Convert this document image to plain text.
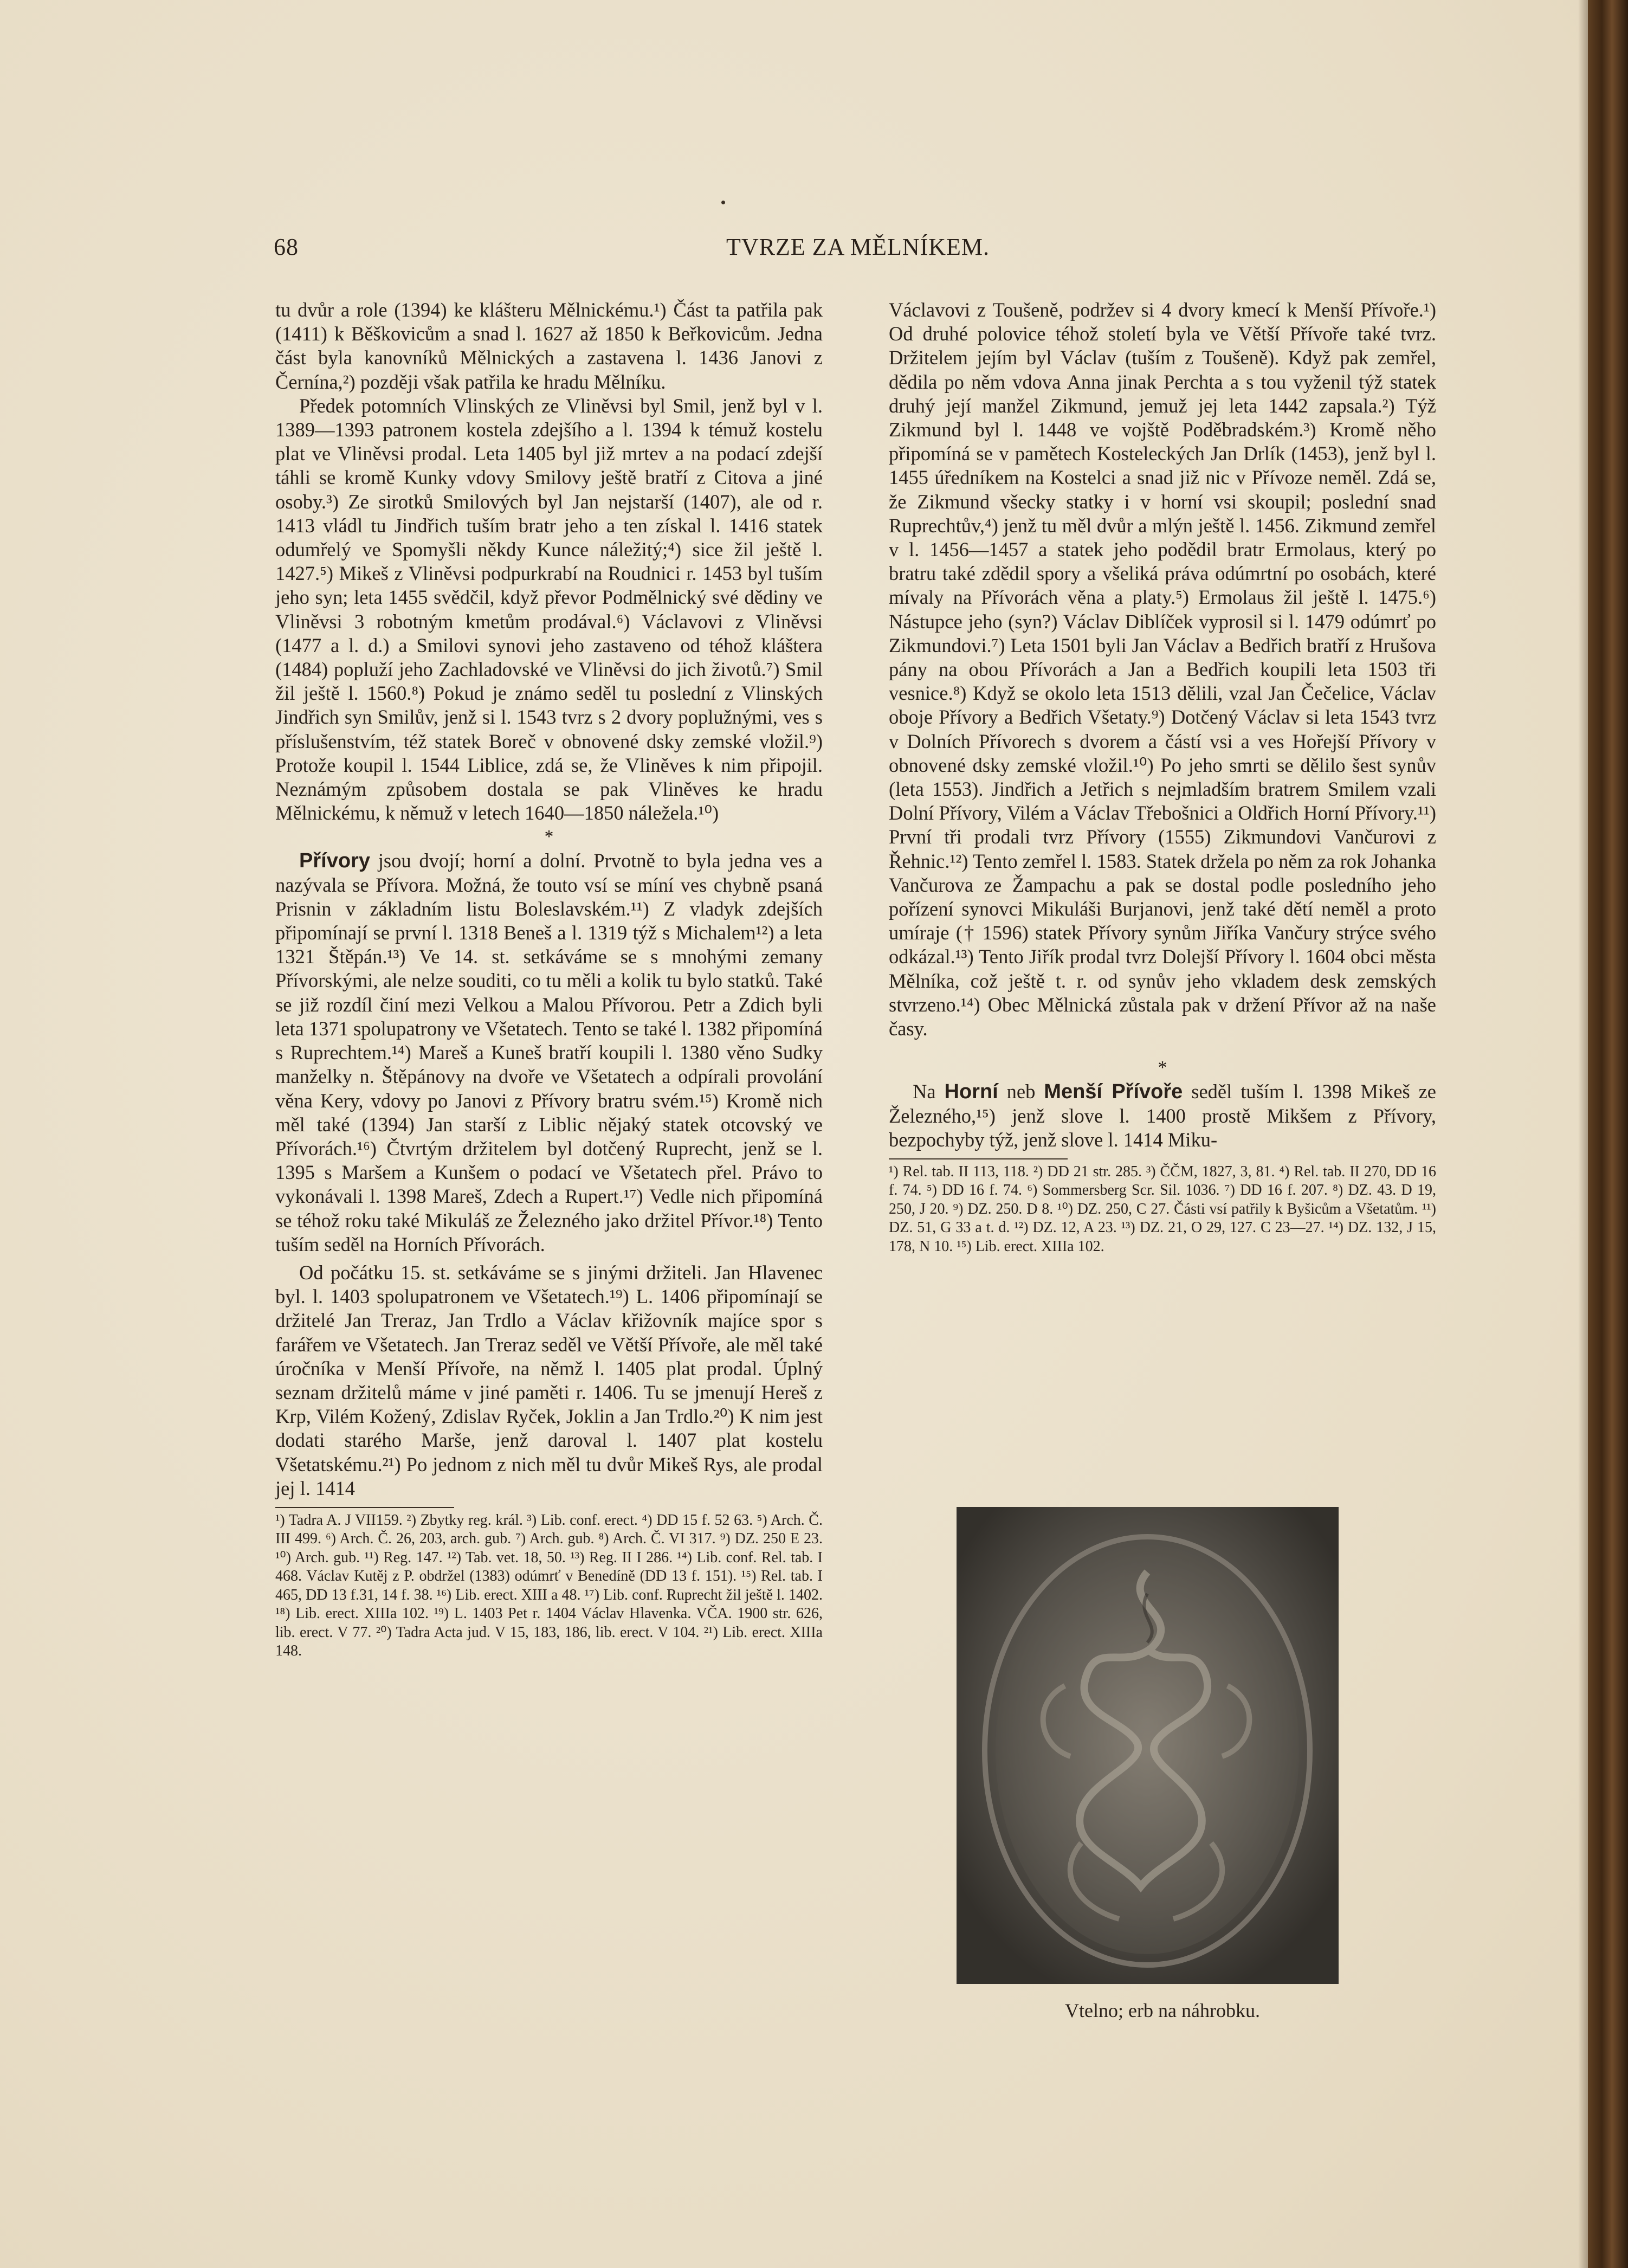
68	TVRZE ZA MĚLNÍKEM.

tu dvůr a role (1394) ke klášteru Mělnickému.¹) Část ta patřila pak (1411) k Běškovicům a snad l. 1627 až 1850 k Beřkovicům. Jedna část byla kanovníků Mělnických a zastavena l. 1436 Janovi z Černína,²) později však patřila ke hradu Mělníku.

Předek potomních Vlinských ze Vliněvsi byl Smil, jenž byl v l. 1389—1393 patronem kostela zdejšího a l. 1394 k témuž kostelu plat ve Vliněvsi prodal. Leta 1405 byl již mrtev a na podací zdejší táhli se kromě Kunky vdovy Smilovy ještě bratří z Citova a jiné osoby.³) Ze sirotků Smilových byl Jan nejstarší (1407), ale od r. 1413 vládl tu Jindřich tuším bratr jeho a ten získal l. 1416 statek odumřelý ve Spomyšli někdy Kunce náležitý;⁴) sice žil ještě l. 1427.⁵) Mikeš z Vliněvsi podpurkrabí na Roudnici r. 1453 byl tuším jeho syn; leta 1455 svědčil, když převor Podmělnický své dědiny ve Vliněvsi 3 robotným kmetům prodával.⁶) Václavovi z Vliněvsi (1477 a l. d.) a Smilovi synovi jeho zastaveno od téhož kláštera (1484) popluží jeho Zachladovské ve Vliněvsi do jich životů.⁷) Smil žil ještě l. 1560.⁸) Pokud je známo seděl tu poslední z Vlinských Jindřich syn Smilův, jenž si l. 1543 tvrz s 2 dvory poplužnými, ves s příslušenstvím, též statek Boreč v obnovené dsky zemské vložil.⁹) Protože koupil l. 1544 Liblice, zdá se, že Vliněves k nim připojil. Neznámým způsobem dostala se pak Vliněves ke hradu Mělnickému, k němuž v letech 1640—1850 náležela.¹⁰)

*

Přívory jsou dvojí; horní a dolní. Prvotně to byla jedna ves a nazývala se Přívora. Možná, že touto vsí se míní ves chybně psaná Prisnin v základním listu Boleslavském.¹¹) Z vladyk zdejších připomínají se první l. 1318 Beneš a l. 1319 týž s Michalem¹²) a leta 1321 Štěpán.¹³) Ve 14. st. setkáváme se s mnohými zemany Přívorskými, ale nelze souditi, co tu měli a kolik tu bylo statků. Také se již rozdíl činí mezi Velkou a Malou Přívorou. Petr a Zdich byli leta 1371 spolupatrony ve Všetatech. Tento se také l. 1382 připomíná s Ruprechtem.¹⁴) Mareš a Kuneš bratří koupili l. 1380 věno Sudky manželky n. Štěpánovy na dvoře ve Všetatech a odpírali provolání věna Kery, vdovy po Janovi z Přívory bratru svém.¹⁵) Kromě nich měl také (1394) Jan starší z Liblic nějaký statek otcovský ve Přívorách.¹⁶) Čtvrtým držitelem byl dotčený Ruprecht, jenž se l. 1395 s Maršem a Kunšem o podací ve Všetatech přel. Právo to vykonávali l. 1398 Mareš, Zdech a Rupert.¹⁷) Vedle nich připomíná se téhož roku také Mikuláš ze Železného jako držitel Přívor.¹⁸) Tento tuším seděl na Horních Přívorách.

Od počátku 15. st. setkáváme se s jinými držiteli. Jan Hlavenec byl. l. 1403 spolupatronem ve Všetatech.¹⁹) L. 1406 připomínají se držitelé Jan Treraz, Jan Trdlo a Václav křižovník majíce spor s farářem ve Všetatech. Jan Treraz seděl ve Větší Přívoře, ale měl také úročníka v Menší Přívoře, na němž l. 1405 plat prodal. Úplný seznam držitelů máme v jiné paměti r. 1406. Tu se jmenují Hereš z Krp, Vilém Kožený, Zdislav Ryček, Joklin a Jan Trdlo.²⁰) K nim jest dodati starého Marše, jenž daroval l. 1407 plat kostelu Všetatskému.²¹) Po jednom z nich měl tu dvůr Mikeš Rys, ale prodal jej l. 1414

¹) Tadra A. J VII159. ²) Zbytky reg. král. ³) Lib. conf. erect. ⁴) DD 15 f. 52 63. ⁵) Arch. Č. III 499. ⁶) Arch. Č. 26, 203, arch. gub. ⁷) Arch. gub. ⁸) Arch. Č. VI 317. ⁹) DZ. 250 E 23. ¹⁰) Arch. gub. ¹¹) Reg. 147. ¹²) Tab. vet. 18, 50. ¹³) Reg. II I 286. ¹⁴) Lib. conf. Rel. tab. I 468. Václav Kutěj z P. obdržel (1383) odúmrť v Benedíně (DD 13 f. 151). ¹⁵) Rel. tab. I 465, DD 13 f.31, 14 f. 38. ¹⁶) Lib. erect. XIII a 48. ¹⁷) Lib. conf. Ruprecht žil ještě l. 1402. ¹⁸) Lib. erect. XIIIa 102. ¹⁹) L. 1403 Pet r. 1404 Václav Hlavenka. VČA. 1900 str. 626, lib. erect. V 77. ²⁰) Tadra Acta jud. V 15, 183, 186, lib. erect. V 104. ²¹) Lib. erect. XIIIa 148.

Václavovi z Toušeně, podržev si 4 dvory kmecí k Menší Přívoře.¹) Od druhé polovice téhož století byla ve Větší Přívoře také tvrz. Držitelem jejím byl Václav (tuším z Toušeně). Když pak zemřel, dědila po něm vdova Anna jinak Perchta a s tou vyženil týž statek druhý její manžel Zikmund, jemuž jej leta 1442 zapsala.²) Týž Zikmund byl l. 1448 ve vojště Poděbradském.³) Kromě něho připomíná se v pamětech Kosteleckých Jan Drlík (1453), jenž byl l. 1455 úředníkem na Kostelci a snad již nic v Přívoze neměl. Zdá se, že Zikmund všecky statky i v horní vsi skoupil; poslední snad Ruprechtův,⁴) jenž tu měl dvůr a mlýn ještě l. 1456. Zikmund zemřel v l. 1456—1457 a statek jeho podědil bratr Ermolaus, který po bratru také zdědil spory a všeliká práva odúmrtní po osobách, které mívaly na Přívorách věna a platy.⁵) Ermolaus žil ještě l. 1475.⁶) Nástupce jeho (syn?) Václav Diblíček vyprosil si l. 1479 odúmrť po Zikmundovi.⁷) Leta 1501 byli Jan Václav a Bedřich bratří z Hrušova pány na obou Přívorách a Jan a Bedřich koupili leta 1503 tři vesnice.⁸) Když se okolo leta 1513 dělili, vzal Jan Čečelice, Václav oboje Přívory a Bedřich Všetaty.⁹) Dotčený Václav si leta 1543 tvrz v Dolních Přívorech s dvorem a částí vsi a ves Hořejší Přívory v obnovené dsky zemské vložil.¹⁰) Po jeho smrti se dělilo šest synův (leta 1553). Jindřich a Jetřich s nejmladším bratrem Smilem vzali Dolní Přívory, Vilém a Václav Třebošnici a Oldřich Horní Přívory.¹¹) První tři prodali tvrz Přívory (1555) Zikmundovi Vančurovi z Řehnic.¹²) Tento zemřel l. 1583. Statek držela po něm za rok Johanka Vančurova ze Žampachu a pak se dostal podle posledního jeho pořízení synovci Mikuláši Burjanovi, jenž také dětí neměl a proto umíraje († 1596) statek Přívory synům Jiříka Vančury strýce svého odkázal.¹³) Tento Jiřík prodal tvrz Dolejší Přívory l. 1604 obci města Mělníka, což ještě t. r. od synův jeho vkladem desk zemských stvrzeno.¹⁴) Obec Mělnická zůstala pak v držení Přívor až na naše časy.

*

Na Horní neb Menší Přívoře seděl tuším l. 1398 Mikeš ze Železného,¹⁵) jenž slove l. 1400 prostě Mikšem z Přívory, bezpochyby týž, jenž slove l. 1414 Miku-

¹) Rel. tab. II 113, 118. ²) DD 21 str. 285. ³) ČČM, 1827, 3, 81. ⁴) Rel. tab. II 270, DD 16 f. 74. ⁵) DD 16 f. 74. ⁶) Sommersberg Scr. Sil. 1036. ⁷) DD 16 f. 207. ⁸) DZ. 43. D 19, 250, J 20. ⁹) DZ. 250. D 8. ¹⁰) DZ. 250, C 27. Části vsí patřily k Byšicům a Všetatům. ¹¹) DZ. 51, G 33 a t. d. ¹²) DZ. 12, A 23. ¹³) DZ. 21, O 29, 127. C 23—27. ¹⁴) DZ. 132, J 15, 178, N 10. ¹⁵) Lib. erect. XIIIa 102.
Vtelno; erb na náhrobku.
